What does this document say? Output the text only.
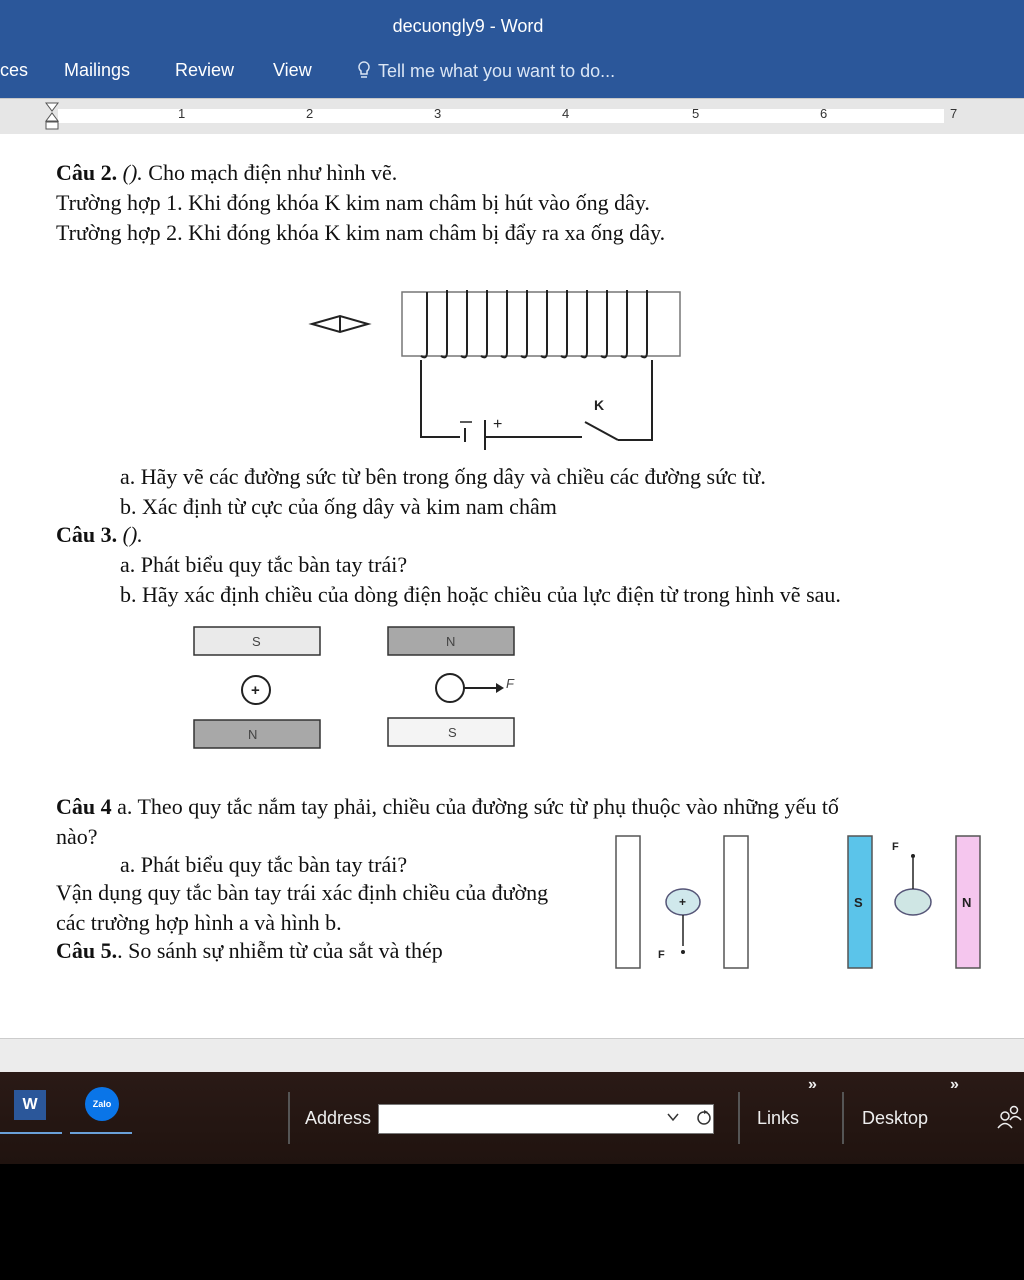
decuongly9 - Word
ces Mailings Review View	Tell me what you want to do...
1	2	3	4	5	6	7
Câu 2. (). Cho mạch điện như hình vẽ.
Trường hợp 1. Khi đóng khóa K kim nam châm bị hút vào ống dây.
Trường hợp 2. Khi đóng khóa K kim nam châm bị đẩy ra xa ống dây.
K
+
a. Hãy vẽ các đường sức từ bên trong ống dây và chiều các đường sức từ.
b. Xác định từ cực của ống dây và kim nam châm
Câu 3. ().
a. Phát biểu quy tắc bàn tay trái?
b. Hãy xác định chiều của dòng điện hoặc chiều của lực điện từ trong hình vẽ sau.
S	N
+	F
N	S
Câu 4 a. Theo quy tắc nắm tay phải, chiều của đường sức từ phụ thuộc vào những yếu tố
nào?
a. Phát biểu quy tắc bàn tay trái?
Vận dụng quy tắc bàn tay trái xác định chiều của đường
các trường hợp hình a và hình b.
Câu 5.. So sánh sự nhiễm từ của sắt và thép
+
F
S	N
F
W	Zalo
Address	Links
»
Desktop
»
